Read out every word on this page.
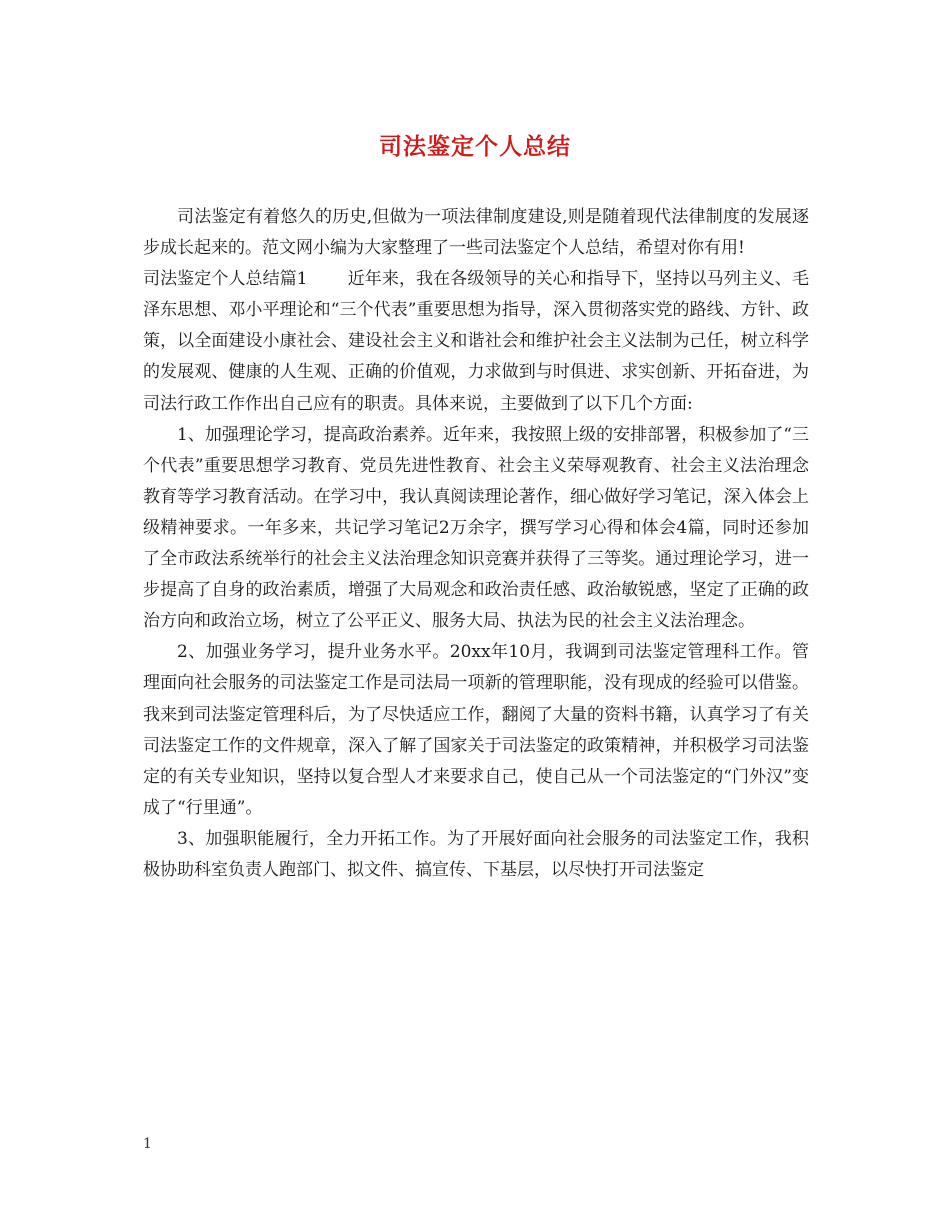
司法鉴定个人总结

司法鉴定有着悠久的历史,但做为一项法律制度建设,则是随着现代法律制度的发展逐步成长起来的。范文网小编为大家整理了一些司法鉴定个人总结，希望对你有用!

司法鉴定个人总结篇1 近年来，我在各级领导的关心和指导下，坚持以马列主义、毛泽东思想、邓小平理论和“三个代表”重要思想为指导，深入贯彻落实党的路线、方针、政策，以全面建设小康社会、建设社会主义和谐社会和维护社会主义法制为己任，树立科学的发展观、健康的人生观、正确的价值观，力求做到与时俱进、求实创新、开拓奋进，为司法行政工作作出自己应有的职责。具体来说，主要做到了以下几个方面:

1、加强理论学习，提高政治素养。近年来，我按照上级的安排部署，积极参加了“三个代表”重要思想学习教育、党员先进性教育、社会主义荣辱观教育、社会主义法治理念教育等学习教育活动。在学习中，我认真阅读理论著作，细心做好学习笔记，深入体会上级精神要求。一年多来，共记学习笔记2万余字，撰写学习心得和体会4篇，同时还参加了全市政法系统举行的社会主义法治理念知识竞赛并获得了三等奖。通过理论学习，进一步提高了自身的政治素质，增强了大局观念和政治责任感、政治敏锐感，坚定了正确的政治方向和政治立场，树立了公平正义、服务大局、执法为民的社会主义法治理念。

2、加强业务学习，提升业务水平。20xx年10月，我调到司法鉴定管理科工作。管理面向社会服务的司法鉴定工作是司法局一项新的管理职能，没有现成的经验可以借鉴。我来到司法鉴定管理科后，为了尽快适应工作，翻阅了大量的资料书籍，认真学习了有关司法鉴定工作的文件规章，深入了解了国家关于司法鉴定的政策精神，并积极学习司法鉴定的有关专业知识，坚持以复合型人才来要求自己，使自己从一个司法鉴定的“门外汉”变成了“行里通”。

3、加强职能履行，全力开拓工作。为了开展好面向社会服务的司法鉴定工作，我积极协助科室负责人跑部门、拟文件、搞宣传、下基层，以尽快打开司法鉴定

1
